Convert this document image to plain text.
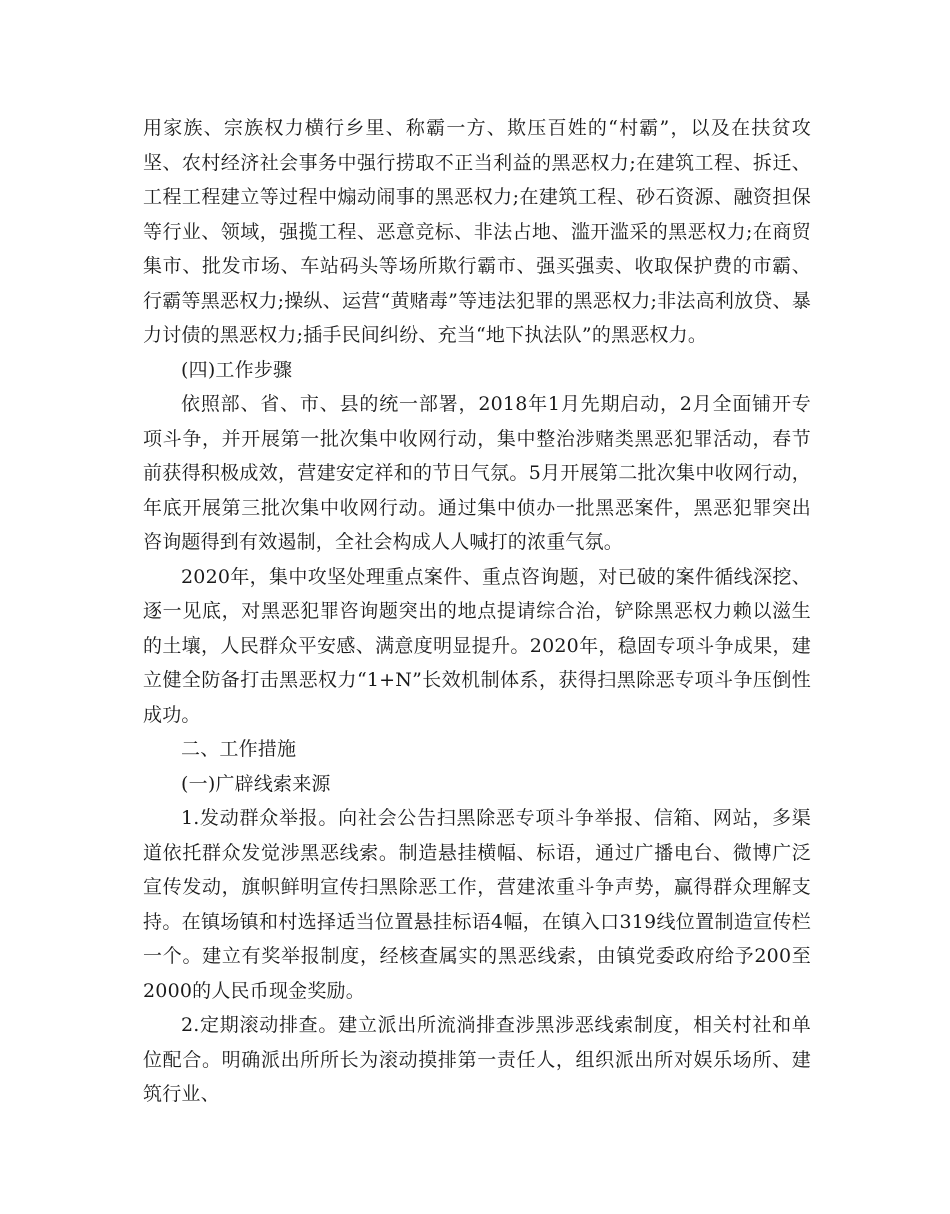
用家族、宗族权力横行乡里、称霸一方、欺压百姓的“村霸”，以及在扶贫攻坚、农村经济社会事务中强行捞取不正当利益的黑恶权力;在建筑工程、拆迁、工程工程建立等过程中煽动闹事的黑恶权力;在建筑工程、砂石资源、融资担保等行业、领域，强揽工程、恶意竞标、非法占地、滥开滥采的黑恶权力;在商贸集市、批发市场、车站码头等场所欺行霸市、强买强卖、收取保护费的市霸、行霸等黑恶权力;操纵、运营“黄赌毒”等违法犯罪的黑恶权力;非法高利放贷、暴力讨债的黑恶权力;插手民间纠纷、充当“地下执法队”的黑恶权力。

(四)工作步骤

依照部、省、市、县的统一部署，2018年1月先期启动，2月全面铺开专项斗争，并开展第一批次集中收网行动，集中整治涉赌类黑恶犯罪活动，春节前获得积极成效，营建安定祥和的节日气氛。5月开展第二批次集中收网行动，年底开展第三批次集中收网行动。通过集中侦办一批黑恶案件，黑恶犯罪突出咨询题得到有效遏制，全社会构成人人喊打的浓重气氛。

2020年，集中攻坚处理重点案件、重点咨询题，对已破的案件循线深挖、逐一见底，对黑恶犯罪咨询题突出的地点提请综合治，铲除黑恶权力赖以滋生的土壤，人民群众平安感、满意度明显提升。2020年，稳固专项斗争成果，建立健全防备打击黑恶权力“1+N”长效机制体系，获得扫黑除恶专项斗争压倒性成功。

二、工作措施

(一)广辟线索来源

1.发动群众举报。向社会公告扫黑除恶专项斗争举报、信箱、网站，多渠道依托群众发觉涉黑恶线索。制造悬挂横幅、标语，通过广播电台、微博广泛宣传发动，旗帜鲜明宣传扫黑除恶工作，营建浓重斗争声势，赢得群众理解支持。在镇场镇和村选择适当位置悬挂标语4幅，在镇入口319线位置制造宣传栏一个。建立有奖举报制度，经核查属实的黑恶线索，由镇党委政府给予200至2000的人民币现金奖励。

2.定期滚动排查。建立派出所流淌排查涉黑涉恶线索制度，相关村社和单位配合。明确派出所所长为滚动摸排第一责任人，组织派出所对娱乐场所、建筑行业、
